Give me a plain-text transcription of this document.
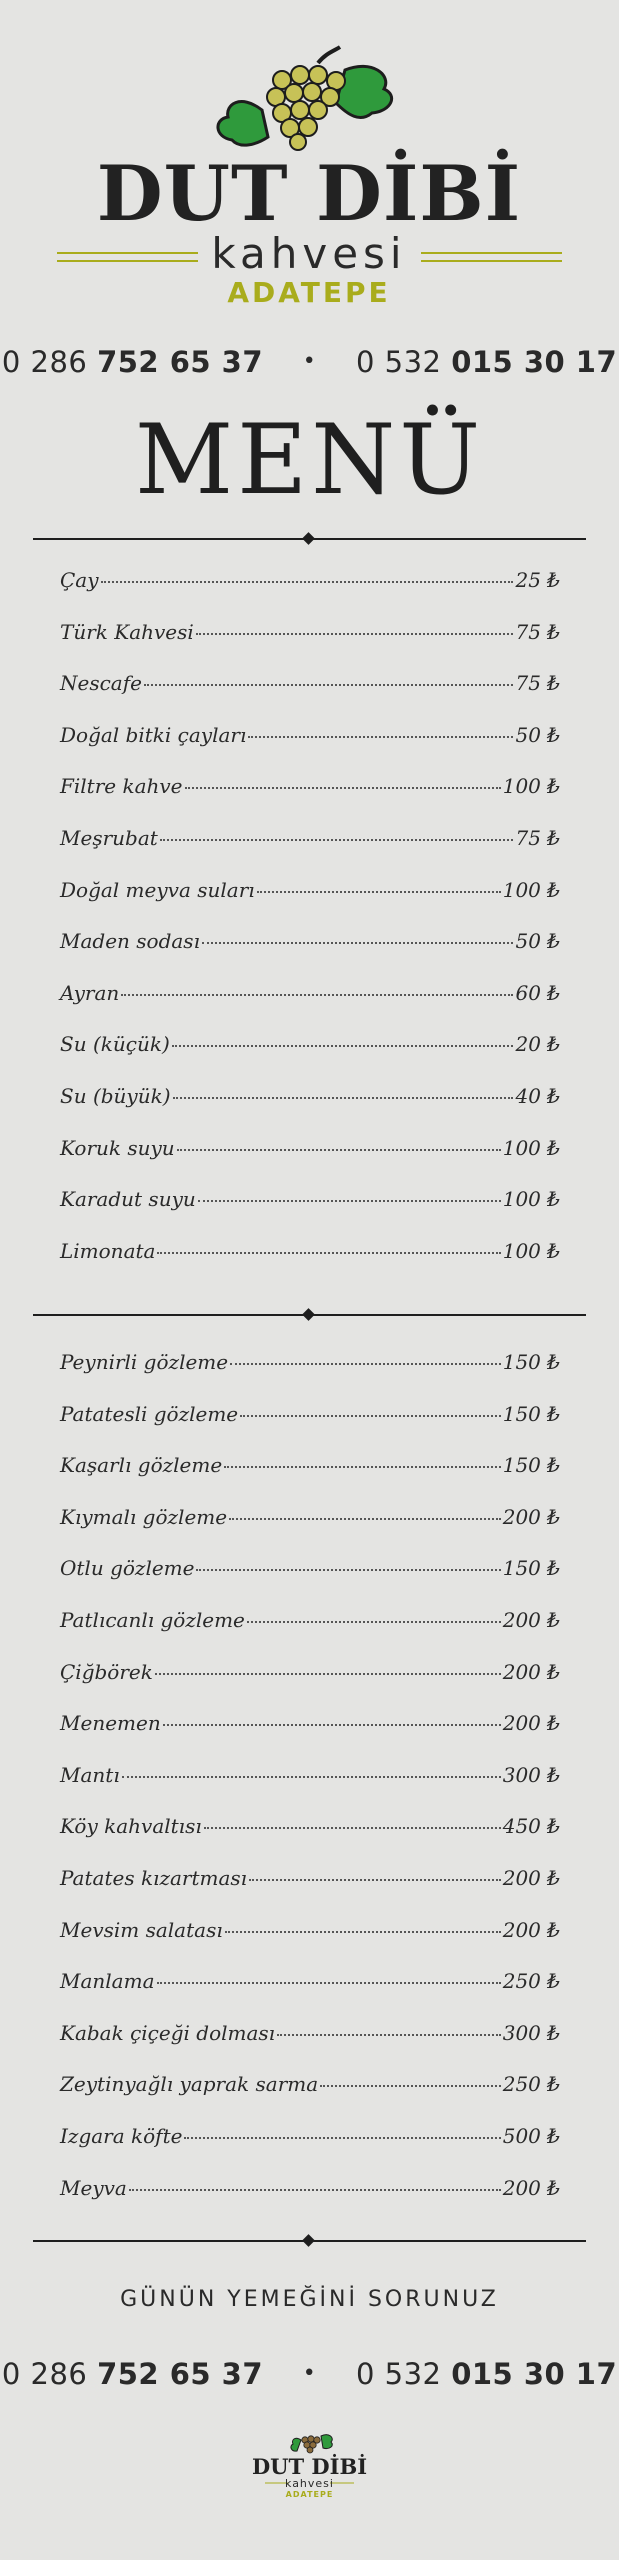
DUT DİBİ
kahvesi
ADATEPE
0 286 752 65 37 • 0 532 015 30 17
MENÜ
Çay	25 ₺
Türk Kahvesi	75 ₺
Nescafe	75 ₺
Doğal bitki çayları	50 ₺
Filtre kahve	100 ₺
Meşrubat	75 ₺
Doğal meyva suları	100 ₺
Maden sodası	50 ₺
Ayran	60 ₺
Su (küçük)	20 ₺
Su (büyük)	40 ₺
Koruk suyu	100 ₺
Karadut suyu	100 ₺
Limonata	100 ₺
Peynirli gözleme	150 ₺
Patatesli gözleme	150 ₺
Kaşarlı gözleme	150 ₺
Kıymalı gözleme	200 ₺
Otlu gözleme	150 ₺
Patlıcanlı gözleme	200 ₺
Çiğbörek	200 ₺
Menemen	200 ₺
Mantı	300 ₺
Köy kahvaltısı	450 ₺
Patates kızartması	200 ₺
Mevsim salatası	200 ₺
Manlama	250 ₺
Kabak çiçeği dolması	300 ₺
Zeytinyağlı yaprak sarma	250 ₺
Izgara köfte	500 ₺
Meyva	200 ₺
GÜNÜN YEMEĞİNİ SORUNUZ
0 286 752 65 37 • 0 532 015 30 17
DUT DİBİ
kahvesi
ADATEPE
